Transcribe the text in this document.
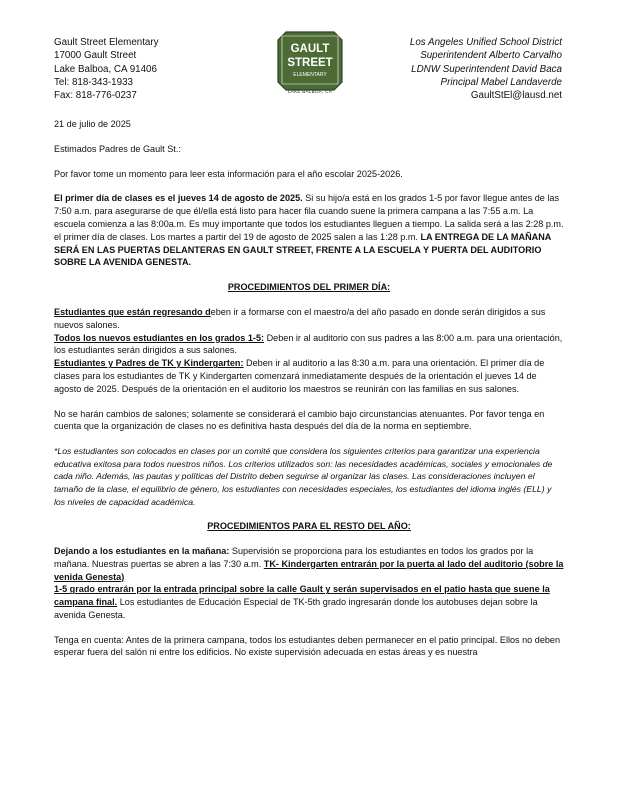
Gault Street Elementary
17000 Gault Street
Lake Balboa, CA 91406
Tel: 818-343-1933
Fax: 818-776-0237
GAULT
STREET
ELEMENTARY
LAKE BALBOA, CA
Los Angeles Unified School District
Superintendent Alberto Carvalho
LDNW Superintendent David Baca
Principal Mabel Landaverde
GaultStEl@lausd.net

21 de julio de 2025

Estimados Padres de Gault St.:

Por favor tome un momento para leer esta información para el año escolar 2025-2026.

El primer día de clases es el jueves 14 de agosto de 2025. Si su hijo/a está en los grados 1-5 por favor llegue antes de las 7:50 a.m. para asegurarse de que él/ella está listo para hacer fila cuando suene la primera campana a las 7:55 a.m. La escuela comienza a las 8:00a.m. Es muy importante que todos los estudiantes lleguen a tiempo. La salida será a las 2:28 p.m. el primer día de clases. Los martes a partir del 19 de agosto de 2025 salen a las 1:28 p.m. LA ENTREGA DE LA MAÑANA SERÁ EN LAS PUERTAS DELANTERAS EN GAULT STREET, FRENTE A LA ESCUELA Y PUERTA DEL AUDITORIO SOBRE LA AVENIDA GENESTA.

PROCEDIMIENTOS DEL PRIMER DÍA:

Estudiantes que están regresando deben ir a formarse con el maestro/a del año pasado en donde serán dirigidos a sus nuevos salones.

Todos los nuevos estudiantes en los grados 1-5: Deben ir al auditorio con sus padres a las 8:00 a.m. para una orientación, los estudiantes serán dirigidos a sus salones.

Estudiantes y Padres de TK y Kindergarten: Deben ir al auditorio a las 8:30 a.m. para una orientación. El primer día de clases para los estudiantes de TK y Kindergarten comenzará inmediatamente después de la orientación el jueves 14 de agosto de 2025. Después de la orientación en el auditorio los maestros se reunirán con las familias en sus salones.

No se harán cambios de salones; solamente se considerará el cambio bajo circunstancias atenuantes. Por favor tenga en cuenta que la organización de clases no es definitiva hasta después del día de la norma en septiembre.

*Los estudiantes son colocados en clases por un comité que considera los siguientes criterios para garantizar una experiencia educativa exitosa para todos nuestros niños. Los criterios utilizados son: las necesidades académicas, sociales y emocionales de cada niño. Además, las pautas y políticas del Distrito deben seguirse al organizar las clases. Las consideraciones incluyen el tamaño de la clase, el equilibrio de género, los estudiantes con necesidades especiales, los estudiantes del idioma inglés (ELL) y los niveles de capacidad académica.

PROCEDIMIENTOS PARA EL RESTO DEL AÑO:

Dejando a los estudiantes en la mañana: Supervisión se proporciona para los estudiantes en todos los grados por la mañana. Nuestras puertas se abren a las 7:30 a.m. TK- Kindergarten entrarán por la puerta al lado del auditorio (sobre la venida Genesta)
1-5 grado entrarán por la entrada principal sobre la calle Gault y serán supervisados en el patio hasta que suene la campana final. Los estudiantes de Educación Especial de TK-5th grado ingresarán donde los autobuses dejan sobre la avenida Genesta.

Tenga en cuenta: Antes de la primera campana, todos los estudiantes deben permanecer en el patio principal. Ellos no deben esperar fuera del salón ni entre los edificios. No existe supervisión adecuada en estas áreas y es nuestra
